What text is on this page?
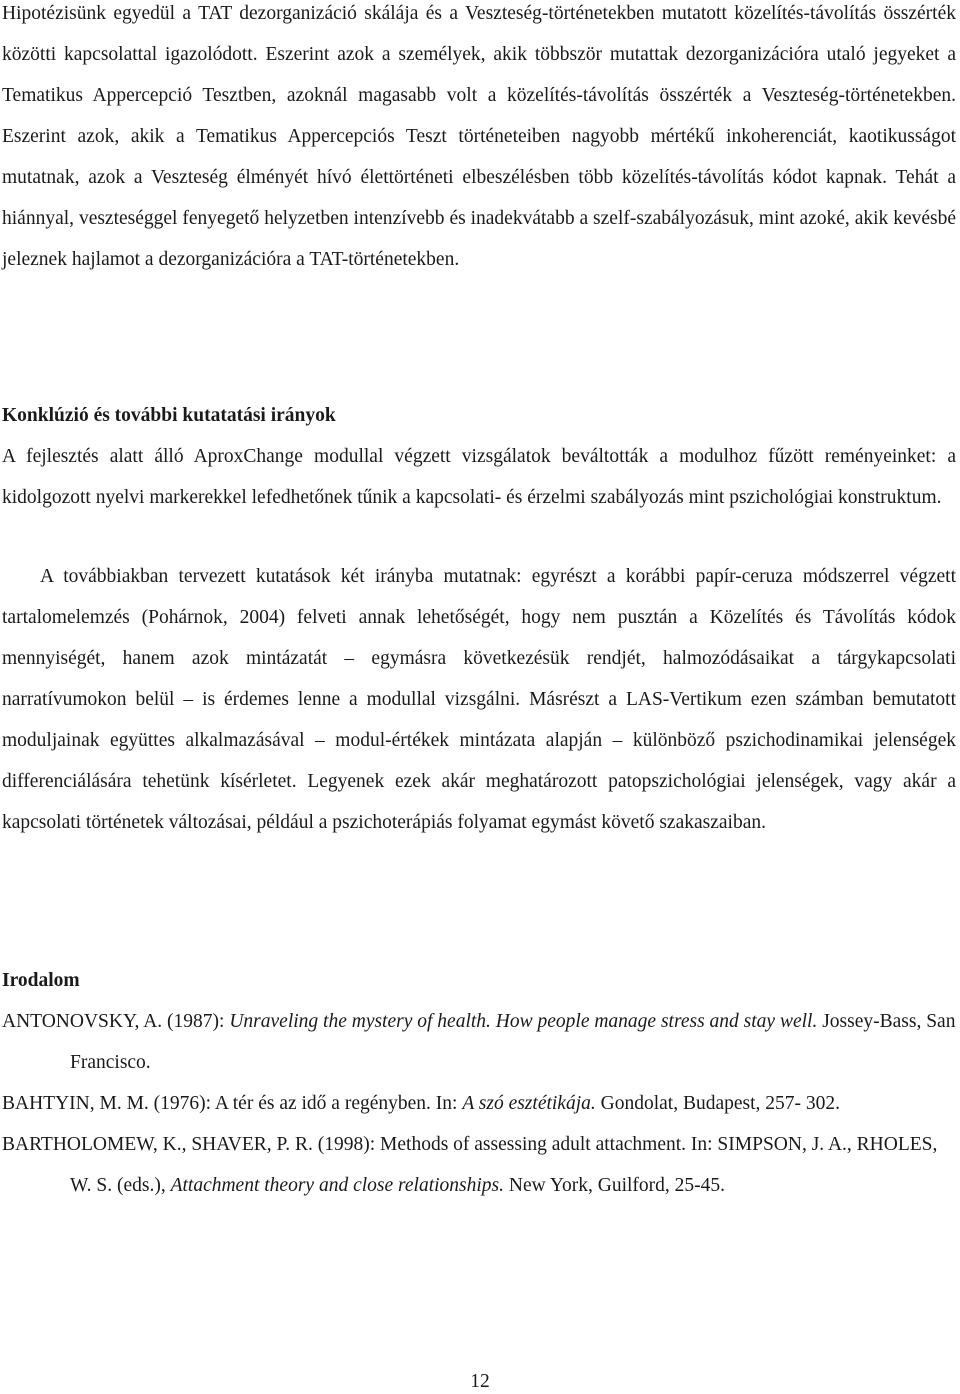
Hipotézisünk egyedül a TAT dezorganizáció skálája és a Veszteség-történetekben mutatott közelítés-távolítás összérték közötti kapcsolattal igazolódott. Eszerint azok a személyek, akik többször mutattak dezorganizációra utaló jegyeket a Tematikus Appercepció Tesztben, azoknál magasabb volt a közelítés-távolítás összérték a Veszteség-történetekben. Eszerint azok, akik a Tematikus Appercepciós Teszt történeteiben nagyobb mértékű inkoherenciát, kaotikusságot mutatnak, azok a Veszteség élményét hívó élettörténeti elbeszélésben több közelítés-távolítás kódot kapnak. Tehát a hiánnyal, veszteséggel fenyegető helyzetben intenzívebb és inadekvátabb a szelf-szabályozásuk, mint azoké, akik kevésbé jeleznek hajlamot a dezorganizációra a TAT-történetekben.

Konklúzió és további kutatatási irányok

A fejlesztés alatt álló AproxChange modullal végzett vizsgálatok beváltották a modulhoz fűzött reményeinket: a kidolgozott nyelvi markerekkel lefedhetőnek tűnik a kapcsolati- és érzelmi szabályozás mint pszichológiai konstruktum.

A továbbiakban tervezett kutatások két irányba mutatnak: egyrészt a korábbi papír-ceruza módszerrel végzett tartalomelemzés (Pohárnok, 2004) felveti annak lehetőségét, hogy nem pusztán a Közelítés és Távolítás kódok mennyiségét, hanem azok mintázatát – egymásra következésük rendjét, halmozódásaikat a tárgykapcsolati narratívumokon belül – is érdemes lenne a modullal vizsgálni. Másrészt a LAS-Vertikum ezen számban bemutatott moduljainak együttes alkalmazásával – modul-értékek mintázata alapján – különböző pszichodinamikai jelenségek differenciálására tehetünk kísérletet. Legyenek ezek akár meghatározott patopszichológiai jelenségek, vagy akár a kapcsolati történetek változásai, például a pszichoterápiás folyamat egymást követő szakaszaiban.

Irodalom

ANTONOVSKY, A. (1987): Unraveling the mystery of health. How people manage stress and stay well. Jossey-Bass, San Francisco.

BAHTYIN, M. M. (1976): A tér és az idő a regényben. In: A szó esztétikája. Gondolat, Budapest, 257- 302.

BARTHOLOMEW, K., SHAVER, P. R. (1998): Methods of assessing adult attachment. In: SIMPSON, J. A., RHOLES, W. S. (eds.), Attachment theory and close relationships. New York, Guilford, 25-45.

12
